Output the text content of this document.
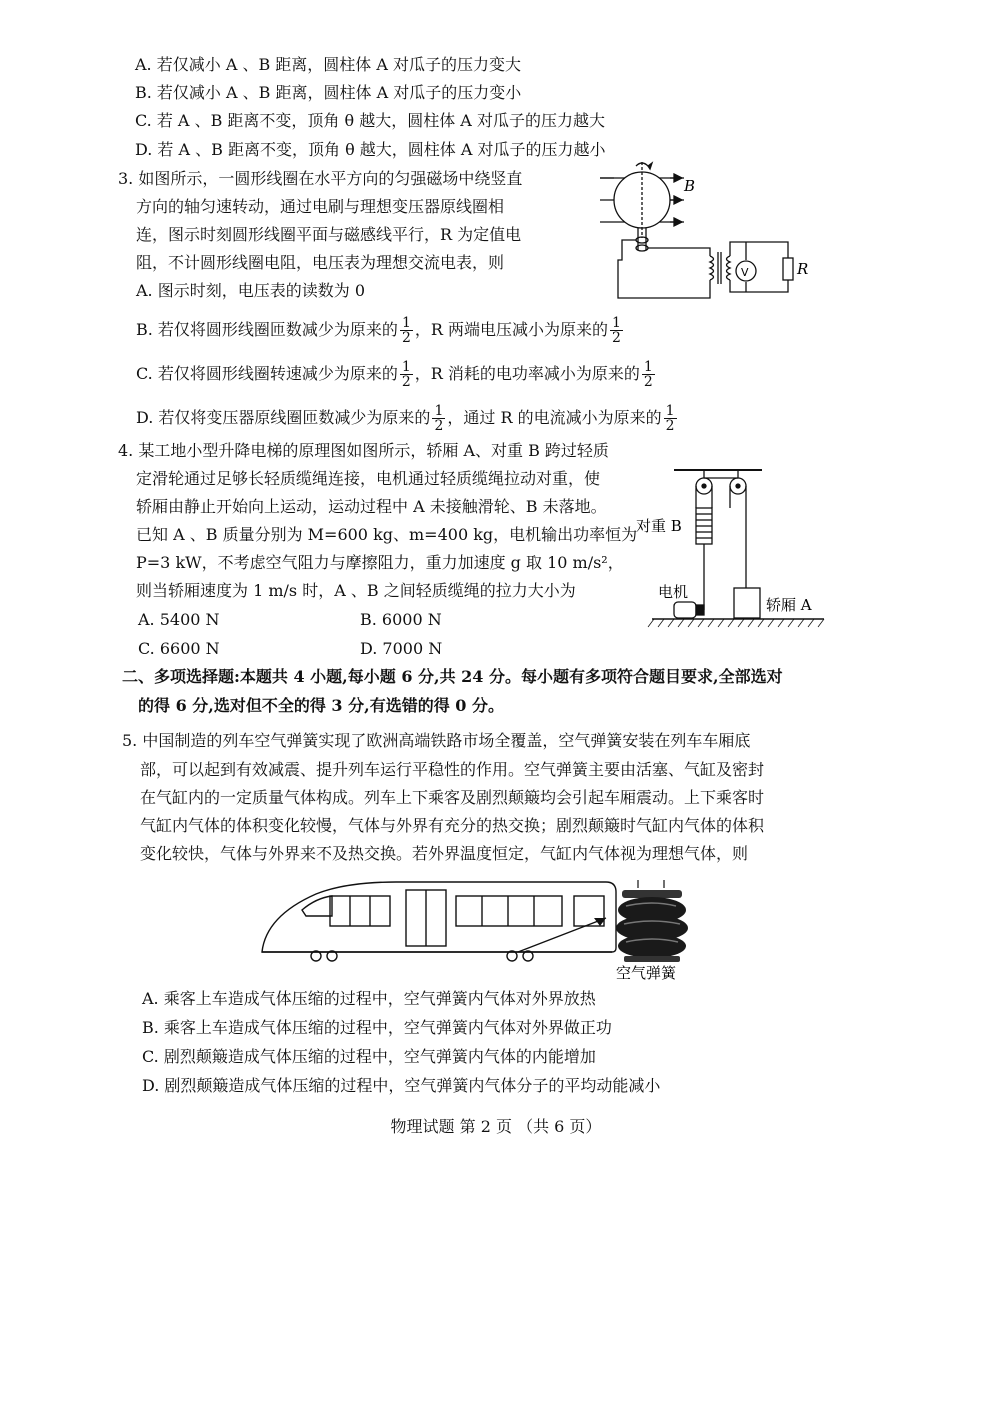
A. 若仅减小 A 、B 距离，圆柱体 A 对瓜子的压力变大
B. 若仅减小 A 、B 距离，圆柱体 A 对瓜子的压力变小
C. 若 A 、B 距离不变，顶角 θ 越大，圆柱体 A 对瓜子的压力越大
D. 若 A 、B 距离不变，顶角 θ 越大，圆柱体 A 对瓜子的压力越小
3. 如图所示，一圆形线圈在水平方向的匀强磁场中绕竖直
方向的轴匀速转动，通过电刷与理想变压器原线圈相
连，图示时刻圆形线圈平面与磁感线平行，R 为定值电
阻，不计圆形线圈电阻，电压表为理想交流电表，则
A. 图示时刻，电压表的读数为 0
B. 若仅将圆形线圈匝数减少为原来的 $\frac{1}{2}$ ，R 两端电压减小为原来的 $\frac{1}{2}$
C. 若仅将圆形线圈转速减少为原来的 $\frac{1}{2}$ ，R 消耗的电功率减小为原来的 $\frac{1}{2}$
D. 若仅将变压器原线圈匝数减少为原来的 $\frac{1}{2}$ ，通过 R 的电流减小为原来的 $\frac{1}{2}$
B
V	R
4. 某工地小型升降电梯的原理图如图所示，轿厢 A、对重 B 跨过轻质
定滑轮通过足够长轻质缆绳连接，电机通过轻质缆绳拉动对重，使
轿厢由静止开始向上运动，运动过程中 A 未接触滑轮、B 未落地。
已知 A 、B 质量分别为 M=600 kg、m=400 kg，电机输出功率恒为
P=3 kW，不考虑空气阻力与摩擦阻力，重力加速度 g 取 10 m/s²，
则当轿厢速度为 1 m/s 时，A 、B 之间轻质缆绳的拉力大小为
A. 5400 N	B. 6000 N
C. 6600 N	D. 7000 N
对重 B
电机
轿厢 A
二、多项选择题:本题共 4 小题,每小题 6 分,共 24 分。每小题有多项符合题目要求,全部选对
的得 6 分,选对但不全的得 3 分,有选错的得 0 分。
5. 中国制造的列车空气弹簧实现了欧洲高端铁路市场全覆盖，空气弹簧安装在列车车厢底
部，可以起到有效减震、提升列车运行平稳性的作用。空气弹簧主要由活塞、气缸及密封
在气缸内的一定质量气体构成。列车上下乘客及剧烈颠簸均会引起车厢震动。上下乘客时
气缸内气体的体积变化较慢，气体与外界有充分的热交换；剧烈颠簸时气缸内气体的体积
变化较快，气体与外界来不及热交换。若外界温度恒定，气缸内气体视为理想气体，则
空气弹簧
A. 乘客上车造成气体压缩的过程中，空气弹簧内气体对外界放热
B. 乘客上车造成气体压缩的过程中，空气弹簧内气体对外界做正功
C. 剧烈颠簸造成气体压缩的过程中，空气弹簧内气体的内能增加
D. 剧烈颠簸造成气体压缩的过程中，空气弹簧内气体分子的平均动能减小
物理试题 第 2 页 （共 6 页）
